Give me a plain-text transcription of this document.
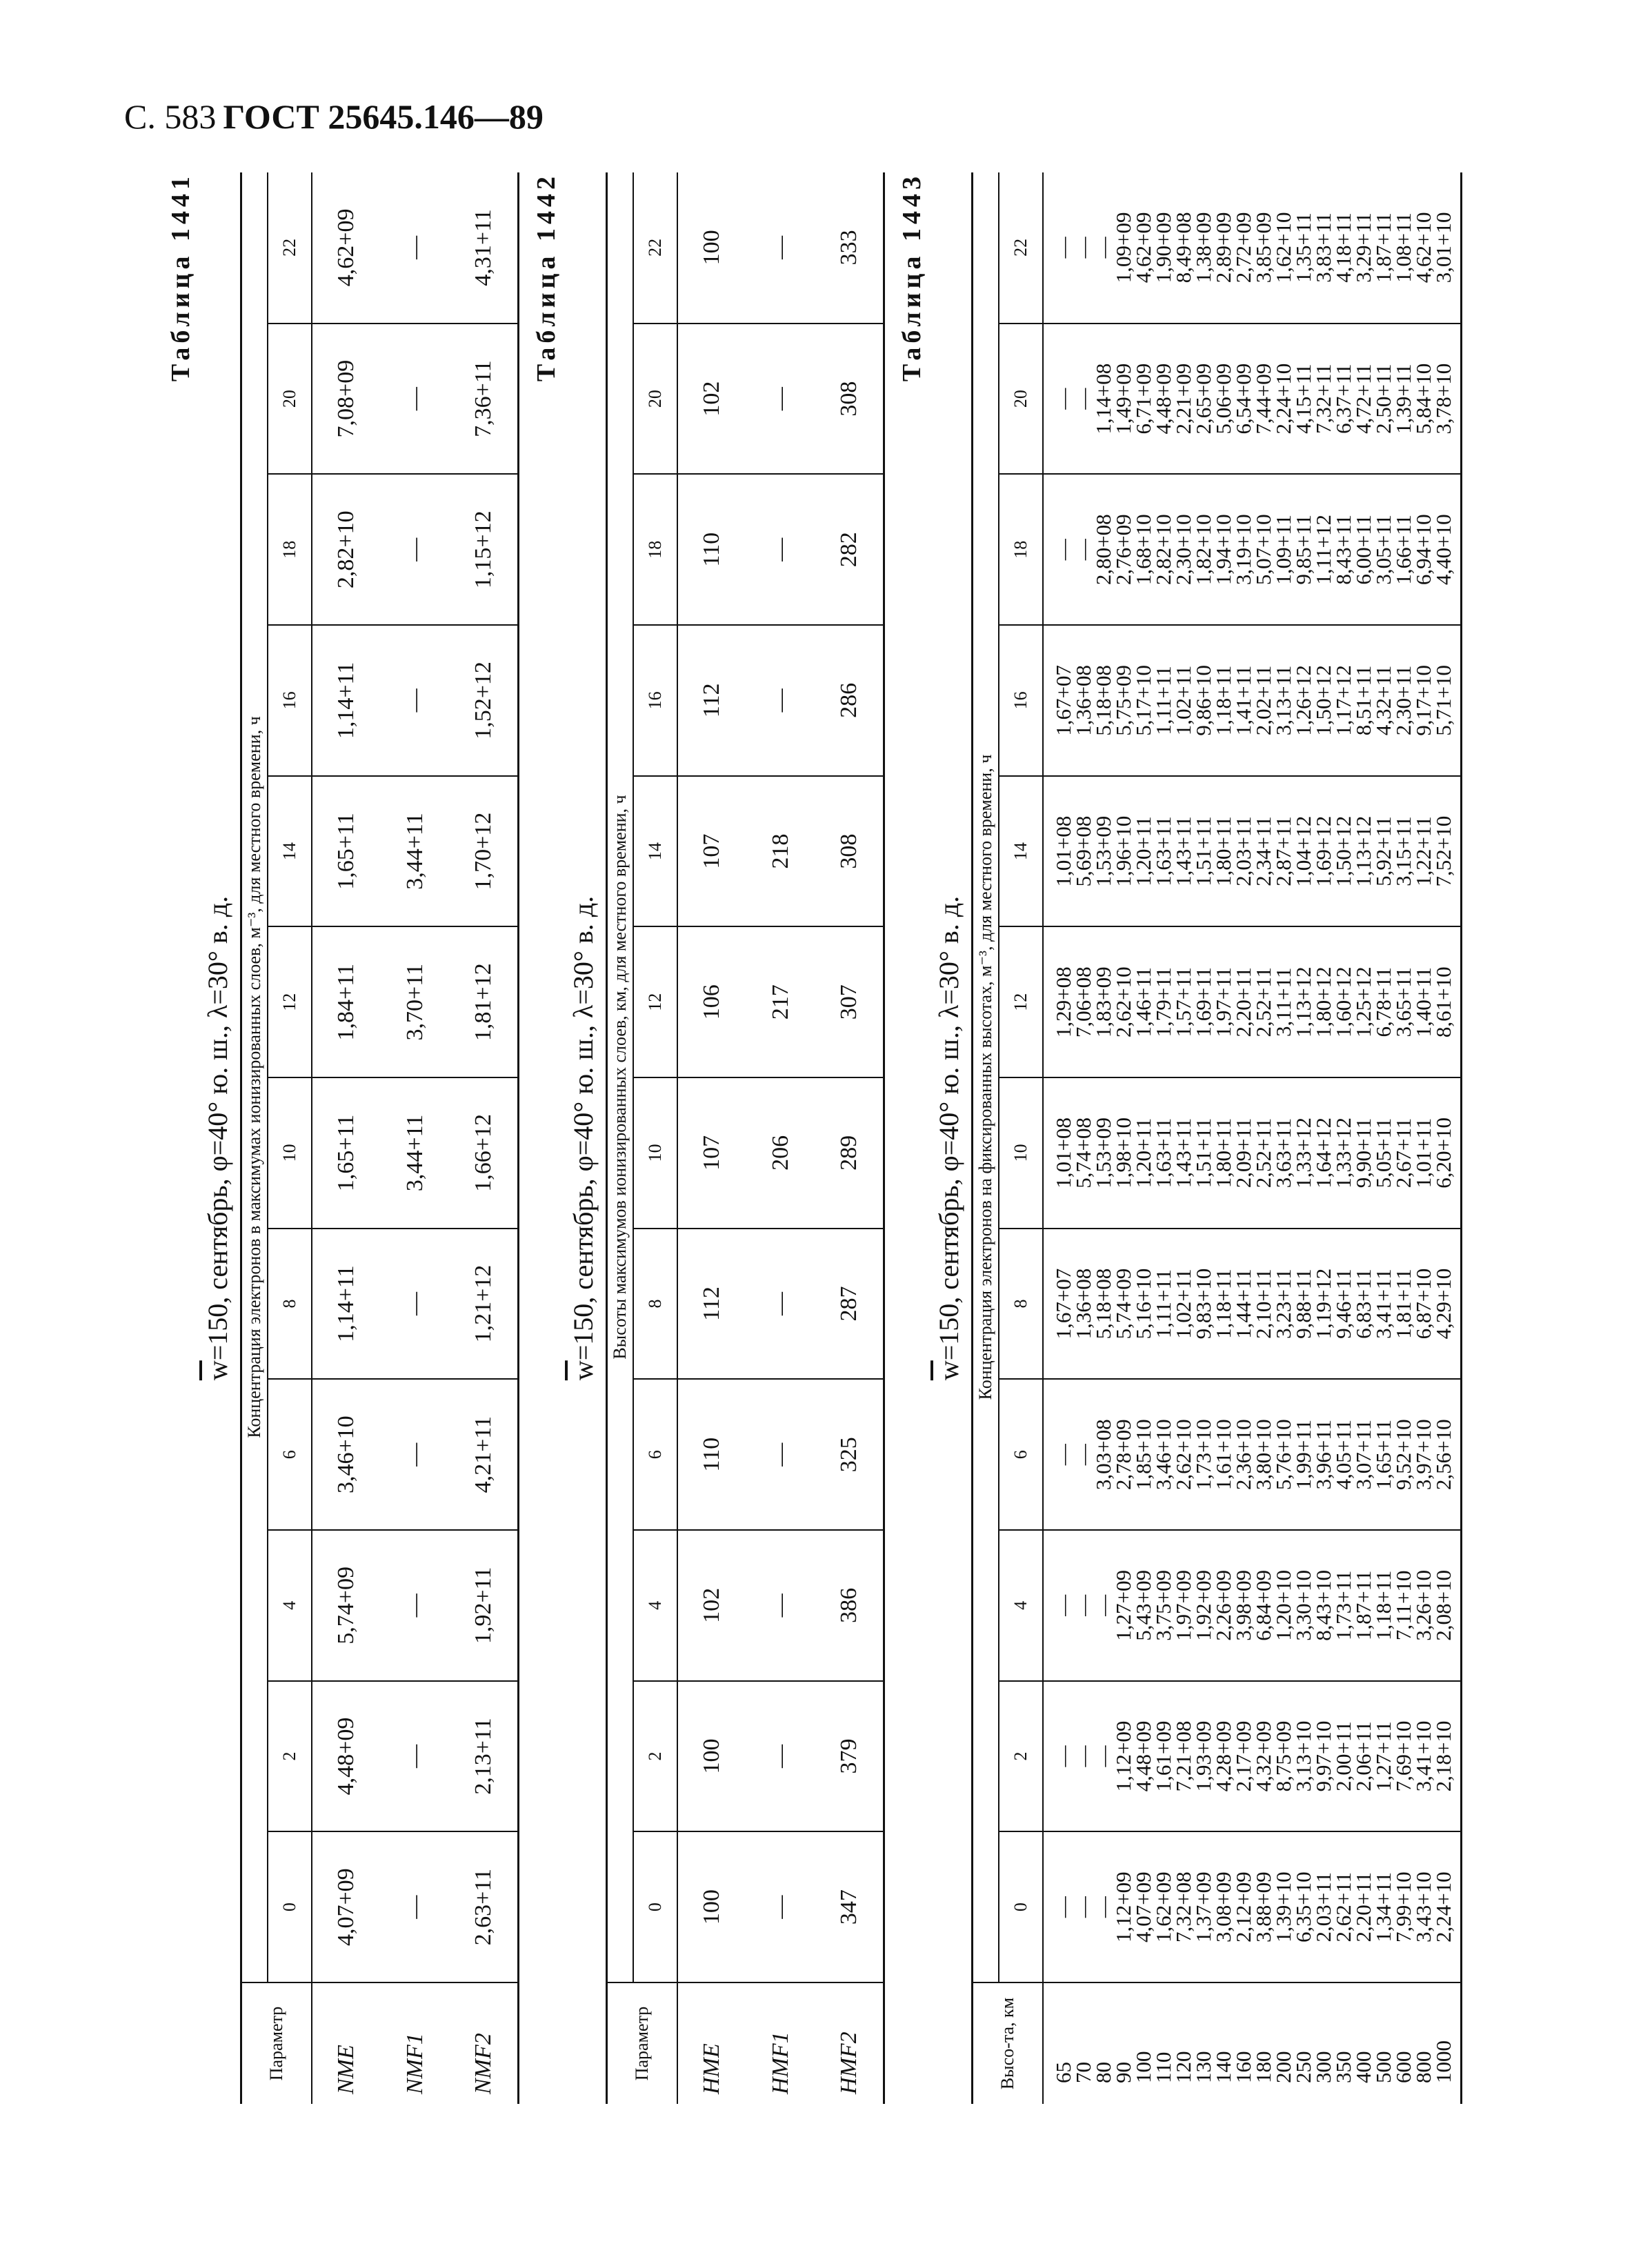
С. 583 ГОСТ 25645.146—89
Таблица 1441
$\overline{w}=150$, сентябрь, φ=40° ю. ш., λ=30° в. д.
Параметр	Концентрация электронов в максимумах ионизированных слоев, м⁻³, для местного времени, ч											
	0	2	4	6	8	10	12	14	16	18	20	22
NME	4,07+09	4,48+09	5,74+09	3,46+10	1,14+11	1,65+11	1,84+11	1,65+11	1,14+11	2,82+10	7,08+09	4,62+09
NMF1	—	—	—	—	—	3,44+11	3,70+11	3,44+11	—	—	—	—
NMF2	2,63+11	2,13+11	1,92+11	4,21+11	1,21+12	1,66+12	1,81+12	1,70+12	1,52+12	1,15+12	7,36+11	4,31+11 Таблица 1442
$\overline{w}=150$, сентябрь, φ=40° ю. ш., λ=30° в. д.
Параметр	Высоты максимумов ионизированных слоев, км, для местного времени, ч											
	0	2	4	6	8	10	12	14	16	18	20	22
HME	100	100	102	110	112	107	106	107	112	110	102	100
HMF1	—	—	—	—	—	206	217	218	—	—	—	—
HMF2	347	379	386	325	287	289	307	308	286	282	308	333 Таблица 1443
$\overline{w}=150$, сентябрь, φ=40° ю. ш., λ=30° в. д.
Высо-та, км	Концентрация электронов на фиксированных высотах, м⁻³, для местного времени, ч											
	0	2	4	6	8	10	12	14	16	18	20	22
65	—	—	—	—	1,67+07	1,01+08	1,29+08	1,01+08	1,67+07	—	—	—
70	—	—	—	—	1,36+08	5,74+08	7,06+08	5,69+08	1,36+08	—	—	—
80	—	—	—	3,03+08	5,18+08	1,53+09	1,83+09	1,53+09	5,18+08	2,80+08	1,14+08	—
90	1,12+09	1,12+09	1,27+09	2,78+09	5,74+09	1,98+10	2,62+10	1,96+10	5,75+09	2,76+09	1,49+09	1,09+09
100	4,07+09	4,48+09	5,43+09	1,85+10	5,16+10	1,20+11	1,46+11	1,20+11	5,17+10	1,68+10	6,71+09	4,62+09
110	1,62+09	1,61+09	3,75+09	3,46+10	1,11+11	1,63+11	1,79+11	1,63+11	1,11+11	2,82+10	4,48+09	1,90+09
120	7,32+08	7,21+08	1,97+09	2,62+10	1,02+11	1,43+11	1,57+11	1,43+11	1,02+11	2,30+10	2,21+09	8,49+08
130	1,37+09	1,93+09	1,92+09	1,73+10	9,83+10	1,51+11	1,69+11	1,51+11	9,86+10	1,82+10	2,65+09	1,38+09
140	3,08+09	4,28+09	2,26+09	1,61+10	1,18+11	1,80+11	1,97+11	1,80+11	1,18+11	1,94+10	5,06+09	2,89+09
160	2,12+09	2,17+09	3,98+09	2,36+10	1,44+11	2,09+11	2,20+11	2,03+11	1,41+11	3,19+10	6,54+09	2,72+09
180	3,88+09	4,32+09	6,84+09	3,80+10	2,10+11	2,52+11	2,52+11	2,34+11	2,02+11	5,07+10	7,44+09	3,85+09
200	1,39+10	8,75+09	1,20+10	5,76+10	3,23+11	3,63+11	3,11+11	2,87+11	3,13+11	1,09+11	2,24+10	1,62+10
250	6,35+10	3,13+10	3,30+10	1,99+11	9,88+11	1,33+12	1,13+12	1,04+12	1,26+12	9,85+11	4,15+11	1,35+11
300	2,03+11	9,97+10	8,43+10	3,96+11	1,19+12	1,64+12	1,80+12	1,69+12	1,50+12	1,11+12	7,32+11	3,83+11
350	2,62+11	2,00+11	1,73+11	4,05+11	9,46+11	1,33+12	1,60+12	1,50+12	1,17+12	8,43+11	6,37+11	4,18+11
400	2,20+11	2,06+11	1,87+11	3,07+11	6,83+11	9,90+11	1,25+12	1,13+12	8,51+11	6,00+11	4,72+11	3,29+11
500	1,34+11	1,27+11	1,18+11	1,65+11	3,41+11	5,05+11	6,78+11	5,92+11	4,32+11	3,05+11	2,50+11	1,87+11
600	7,99+10	7,69+10	7,11+10	9,52+10	1,81+11	2,67+11	3,65+11	3,15+11	2,30+11	1,66+11	1,39+11	1,08+11
800	3,43+10	3,41+10	3,26+10	3,97+10	6,87+10	1,01+11	1,40+11	1,22+11	9,17+10	6,94+10	5,84+10	4,62+10
1000	2,24+10	2,18+10	2,08+10	2,56+10	4,29+10	6,20+10	8,61+10	7,52+10	5,71+10	4,40+10	3,78+10	3,01+10
